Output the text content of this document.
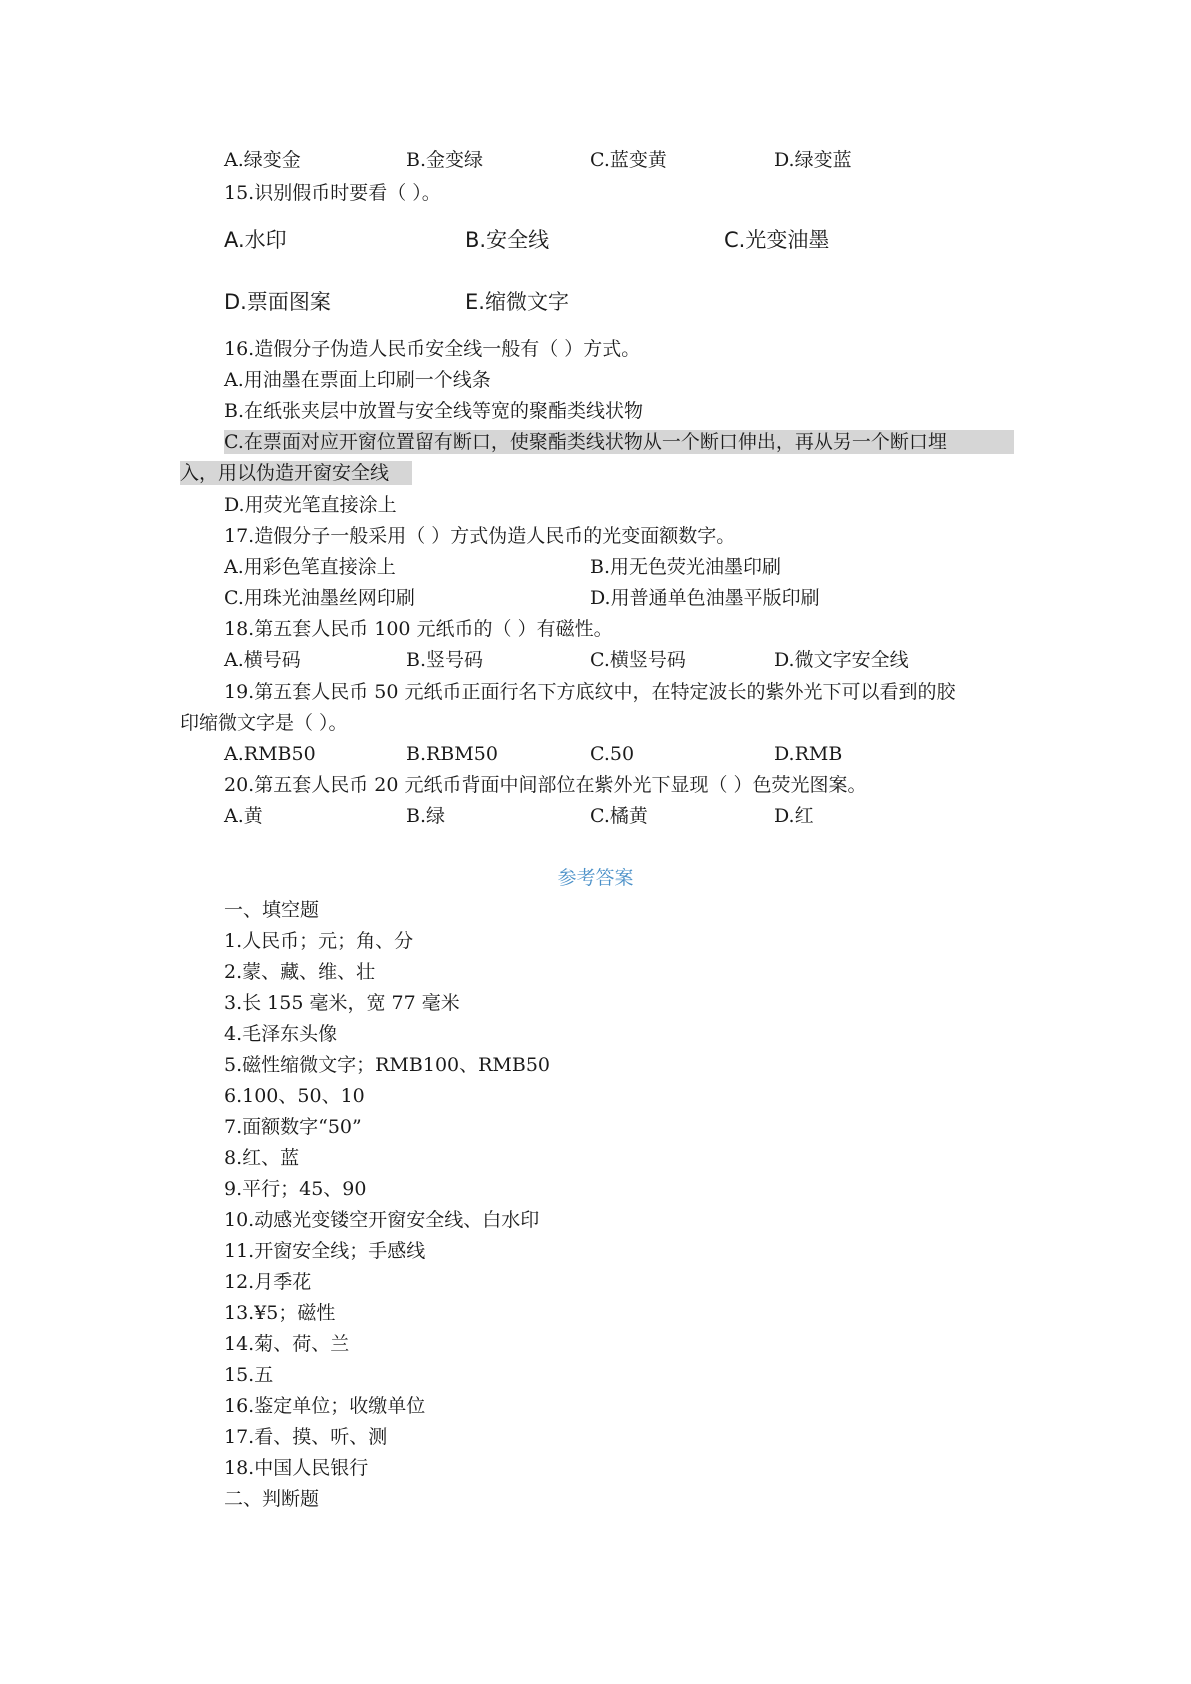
A.绿变金	B.金变绿	C.蓝变黄	D.绿变蓝
15.识别假币时要看（ ）。
A.水印	B.安全线	C.光变油墨
D.票面图案	E.缩微文字
16.造假分子伪造人民币安全线一般有（ ）方式。
A.用油墨在票面上印刷一个线条
B.在纸张夹层中放置与安全线等宽的聚酯类线状物
C.在票面对应开窗位置留有断口，使聚酯类线状物从一个断口伸出，再从另一个断口埋
入，用以伪造开窗安全线
D.用荧光笔直接涂上
17.造假分子一般采用（ ）方式伪造人民币的光变面额数字。
A.用彩色笔直接涂上	B.用无色荧光油墨印刷
C.用珠光油墨丝网印刷	D.用普通单色油墨平版印刷
18.第五套人民币 100 元纸币的（ ）有磁性。
A.横号码	B.竖号码	C.横竖号码	D.微文字安全线
19.第五套人民币 50 元纸币正面行名下方底纹中，在特定波长的紫外光下可以看到的胶
印缩微文字是（ ）。
A.RMB50	B.RBM50	C.50	D.RMB
20.第五套人民币 20 元纸币背面中间部位在紫外光下显现（ ）色荧光图案。
A.黄	B.绿	C.橘黄	D.红
参考答案
一、填空题
1.人民币；元；角、分
2.蒙、藏、维、壮
3.长 155 毫米，宽 77 毫米
4.毛泽东头像
5.磁性缩微文字；RMB100、RMB50
6.100、50、10
7.面额数字“50”
8.红、蓝
9.平行；45、90
10.动感光变镂空开窗安全线、白水印
11.开窗安全线；手感线
12.月季花
13.¥5；磁性
14.菊、荷、兰
15.五
16.鉴定单位；收缴单位
17.看、摸、听、测
18.中国人民银行
二、判断题
